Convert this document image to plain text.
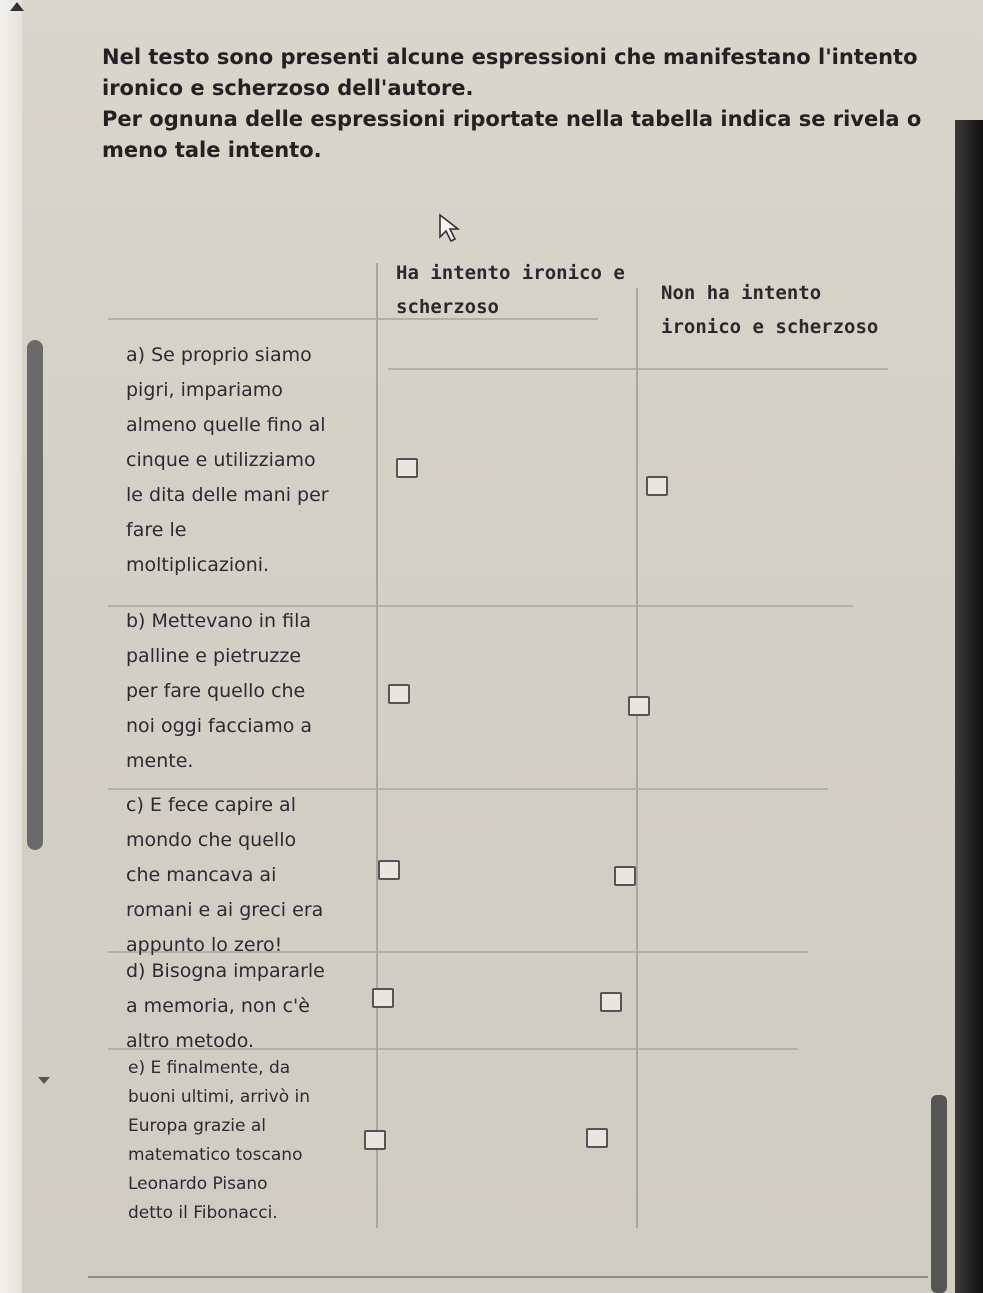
Nel testo sono presenti alcune espressioni che manifestano l'intento

ironico e scherzoso dell'autore.

Per ognuna delle espressioni riportate nella tabella indica se rivela o

meno tale intento.

Ha intento ironico e
scherzoso
Non ha intento
ironico e scherzoso
a) Se proprio siamo
pigri, impariamo
almeno quelle fino al
cinque e utilizziamo
le dita delle mani per
fare le
moltiplicazioni.
b) Mettevano in fila
palline e pietruzze
per fare quello che
noi oggi facciamo a
mente.
c) E fece capire al
mondo che quello
che mancava ai
romani e ai greci era
appunto lo zero!
d) Bisogna impararle
a memoria, non c'è
altro metodo.
e) E finalmente, da
buoni ultimi, arrivò in
Europa grazie al
matematico toscano
Leonardo Pisano
detto il Fibonacci.
